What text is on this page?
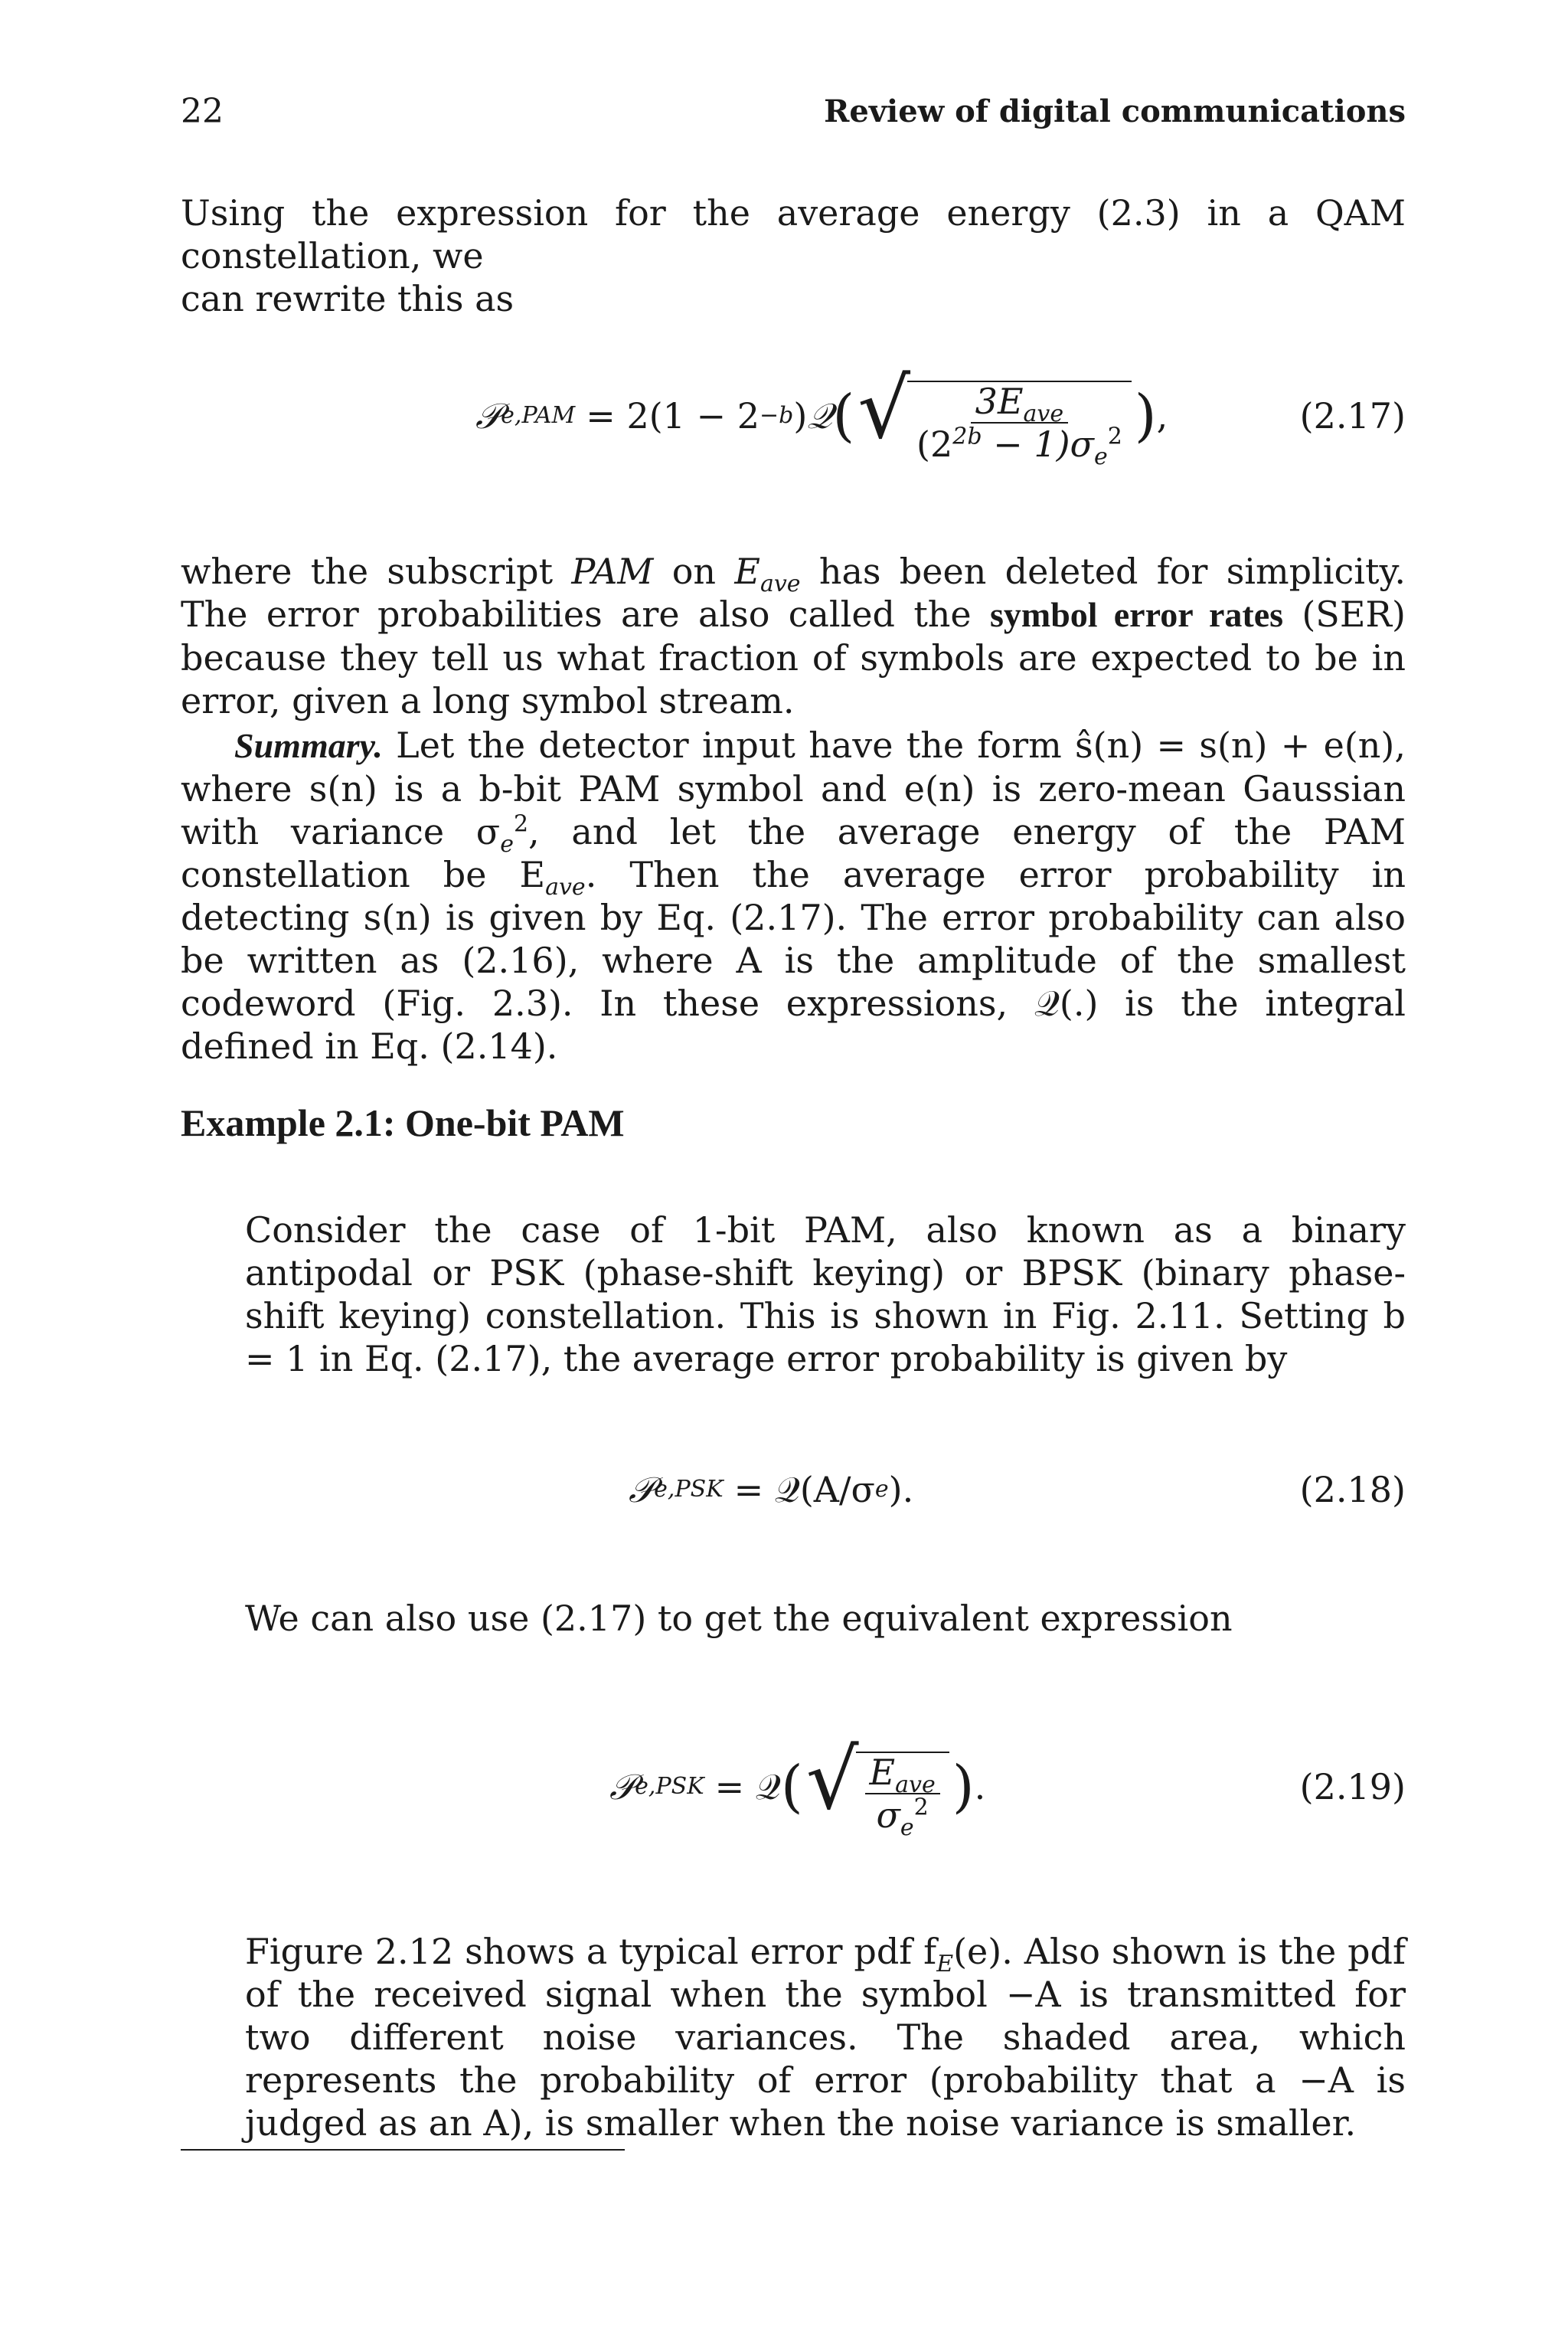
22	Review of digital communications

Using the expression for the average energy (2.3) in a QAM constellation, we
can rewrite this as

𝒫 e,PAM = 2(1 − 2 −b ) 𝒬 ( √
$\frac{3E_{ave}}{(2^{2b} - 1)\sigma_e^2}$ ) ,	(2.17)

where the subscript PAM on $E_{ave}$ has been deleted for simplicity. The error probabilities are also called the symbol error rates (SER) because they tell us what fraction of symbols are expected to be in error, given a long symbol stream.

Summary. Let the detector input have the form ŝ(n) = s(n) + e(n), where s(n) is a b-bit PAM symbol and e(n) is zero-mean Gaussian with variance $\sigma_e^2$, and let the average energy of the PAM constellation be $E_{ave}$. Then the average error probability in detecting s(n) is given by Eq. (2.17). The error probability can also be written as (2.16), where A is the amplitude of the smallest codeword (Fig. 2.3). In these expressions, 𝒬(.) is the integral defined in Eq. (2.14).

Example 2.1: One-bit PAM

Consider the case of 1-bit PAM, also known as a binary antipodal or PSK (phase-shift keying) or BPSK (binary phase-shift keying) constellation. This is shown in Fig. 2.11. Setting b = 1 in Eq. (2.17), the average error probability is given by

𝒫 e,PSK = 𝒬(A/σ e ).	(2.18)

We can also use (2.17) to get the equivalent expression

𝒫 e,PSK = 𝒬 ( √
$\frac{E_{ave}}{\sigma_e^2}$ ) .	(2.19)

Figure 2.12 shows a typical error pdf $f_E(e)$. Also shown is the pdf of the received signal when the symbol −A is transmitted for two different noise variances. The shaded area, which represents the probability of error (probability that a −A is judged as an A), is smaller when the noise variance is smaller.
